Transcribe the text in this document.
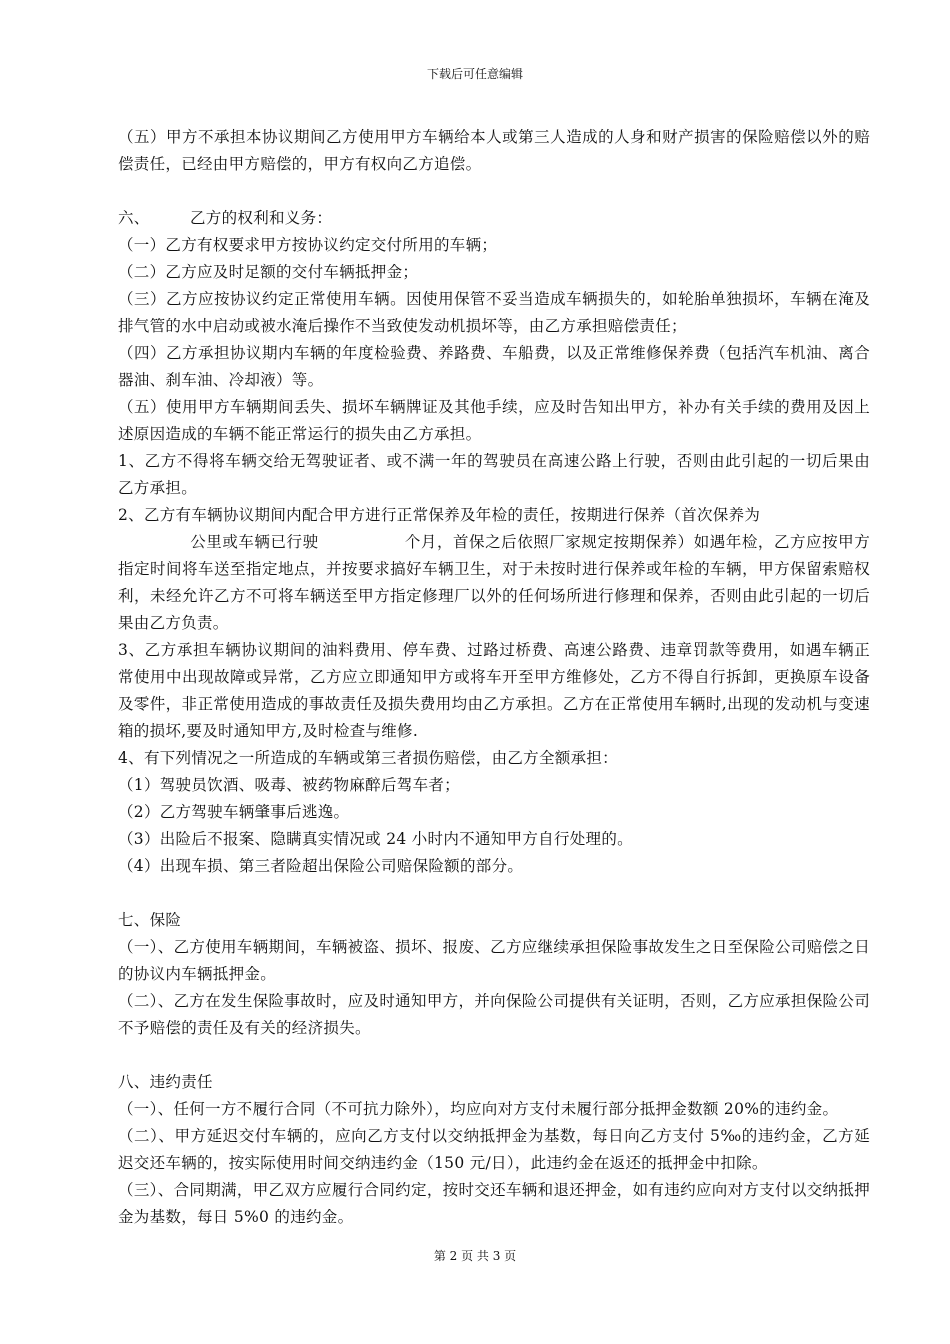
下载后可任意编辑

（五）甲方不承担本协议期间乙方使用甲方车辆给本人或第三人造成的人身和财产损害的保险赔偿以外的赔偿责任，已经由甲方赔偿的，甲方有权向乙方追偿。

六、	乙方的权利和义务：

（一）乙方有权要求甲方按协议约定交付所用的车辆；

（二）乙方应及时足额的交付车辆抵押金；

（三）乙方应按协议约定正常使用车辆。因使用保管不妥当造成车辆损失的，如轮胎单独损坏，车辆在淹及排气管的水中启动或被水淹后操作不当致使发动机损坏等，由乙方承担赔偿责任；

（四）乙方承担协议期内车辆的年度检验费、养路费、车船费，以及正常维修保养费（包括汽车机油、离合器油、刹车油、冷却液）等。

（五）使用甲方车辆期间丢失、损坏车辆牌证及其他手续，应及时告知出甲方，补办有关手续的费用及因上述原因造成的车辆不能正常运行的损失由乙方承担。

1、乙方不得将车辆交给无驾驶证者、或不满一年的驾驶员在高速公路上行驶，否则由此引起的一切后果由乙方承担。

2、乙方有车辆协议期间内配合甲方进行正常保养及年检的责任，按期进行保养（首次保养为

公里或车辆已行驶	个月，首保之后依照厂家规定按期保养）如遇年检，乙方应按甲方指定时间将车送至指定地点，并按要求搞好车辆卫生，对于未按时进行保养或年检的车辆，甲方保留索赔权利，未经允许乙方不可将车辆送至甲方指定修理厂以外的任何场所进行修理和保养，否则由此引起的一切后果由乙方负责。

3、乙方承担车辆协议期间的油料费用、停车费、过路过桥费、高速公路费、违章罚款等费用，如遇车辆正常使用中出现故障或异常，乙方应立即通知甲方或将车开至甲方维修处，乙方不得自行拆卸，更换原车设备及零件，非正常使用造成的事故责任及损失费用均由乙方承担。乙方在正常使用车辆时,出现的发动机与变速箱的损坏,要及时通知甲方,及时检查与维修.

4、有下列情况之一所造成的车辆或第三者损伤赔偿，由乙方全额承担：

（1）驾驶员饮酒、吸毒、被药物麻醉后驾车者；

（2）乙方驾驶车辆肇事后逃逸。

（3）出险后不报案、隐瞒真实情况或 24 小时内不通知甲方自行处理的。

（4）出现车损、第三者险超出保险公司赔保险额的部分。

七、保险

（一）、乙方使用车辆期间，车辆被盗、损坏、报废、乙方应继续承担保险事故发生之日至保险公司赔偿之日的协议内车辆抵押金。

（二）、乙方在发生保险事故时，应及时通知甲方，并向保险公司提供有关证明，否则，乙方应承担保险公司不予赔偿的责任及有关的经济损失。

八、违约责任

（一）、任何一方不履行合同（不可抗力除外），均应向对方支付未履行部分抵押金数额 20%的违约金。

（二）、甲方延迟交付车辆的，应向乙方支付以交纳抵押金为基数，每日向乙方支付 5‰的违约金，乙方延迟交还车辆的，按实际使用时间交纳违约金（150 元/日），此违约金在返还的抵押金中扣除。

（三）、合同期满，甲乙双方应履行合同约定，按时交还车辆和退还押金，如有违约应向对方支付以交纳抵押金为基数，每日 5%0 的违约金。

第 2 页 共 3 页
